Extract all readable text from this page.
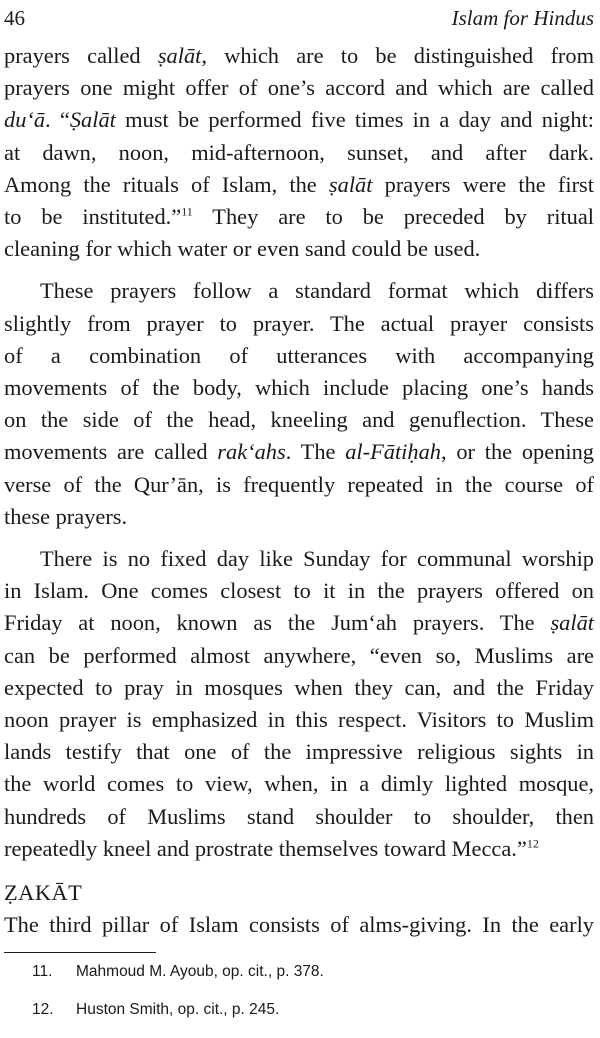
46	Islam for Hindus
prayers called ṣalāt, which are to be distinguished from
prayers one might offer of one’s accord and which are called
du‘ā. “Ṣalāt must be performed five times in a day and night:
at dawn, noon, mid-afternoon, sunset, and after dark.
Among the rituals of Islam, the ṣalāt prayers were the first
to be instituted.”$^{11}$ They are to be preceded by ritual
cleaning for which water or even sand could be used.
These prayers follow a standard format which differs
slightly from prayer to prayer. The actual prayer consists
of a combination of utterances with accompanying
movements of the body, which include placing one’s hands
on the side of the head, kneeling and genuflection. These
movements are called rak‘ahs. The al-Fātiḥah, or the opening
verse of the Qur’ān, is frequently repeated in the course of
these prayers.
There is no fixed day like Sunday for communal worship
in Islam. One comes closest to it in the prayers offered on
Friday at noon, known as the Jum‘ah prayers. The ṣalāt
can be performed almost anywhere, “even so, Muslims are
expected to pray in mosques when they can, and the Friday
noon prayer is emphasized in this respect. Visitors to Muslim
lands testify that one of the impressive religious sights in
the world comes to view, when, in a dimly lighted mosque,
hundreds of Muslims stand shoulder to shoulder, then
repeatedly kneel and prostrate themselves toward Mecca.”$^{12}$
ẒAKĀT
The third pillar of Islam consists of alms-giving. In the early
11. Mahmoud M. Ayoub, op. cit., p. 378.
12. Huston Smith, op. cit., p. 245.
